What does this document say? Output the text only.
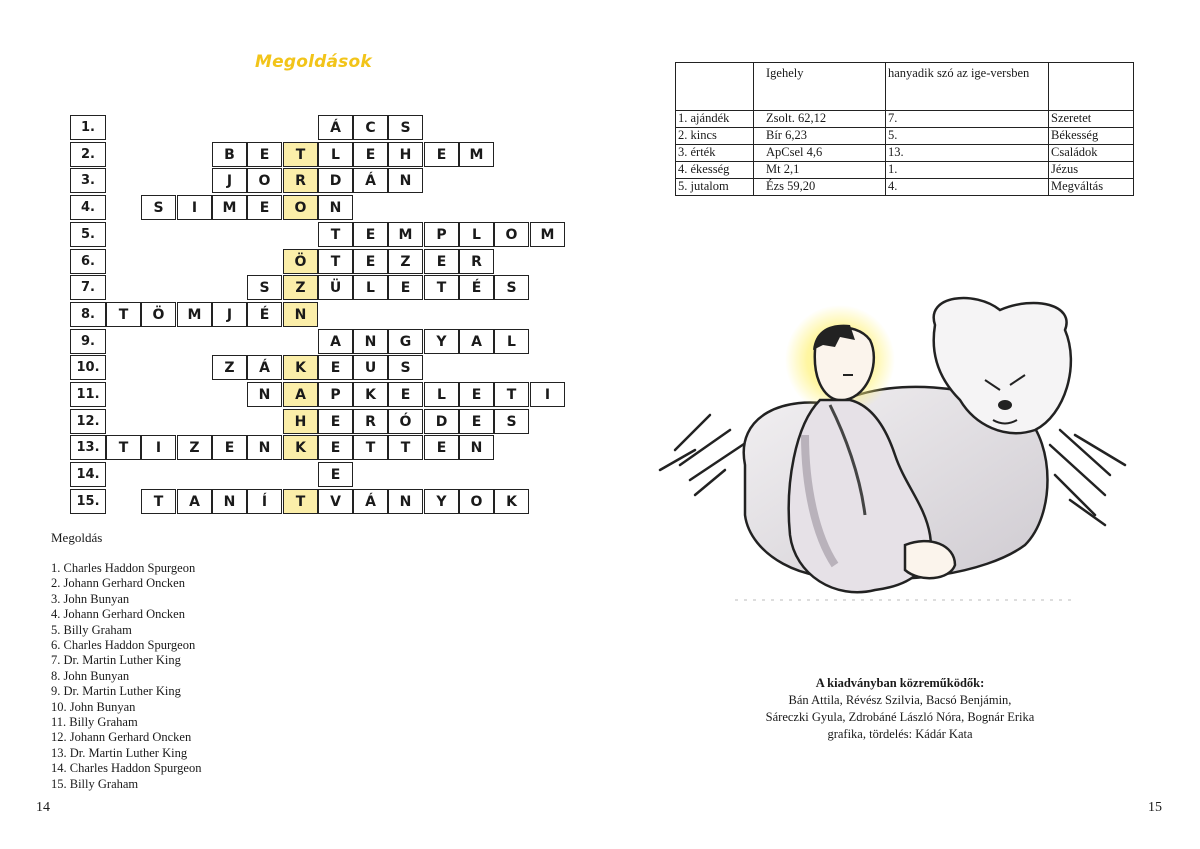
Megoldások
1.	Á	C	S
2.	B	E	T	L	E	H	E	M
3.	J	O	R	D	Á	N
4.	S	I	M	E	O	N
5.	T	E	M	P	L	O	M
6.	Ö	T	E	Z	E	R
7.	S	Z	Ü	L	E	T	É	S
8.	T	Ö	M	J	É	N
9.	A	N	G	Y	A	L
10.	Z	Á	K	E	U	S
11.	N	A	P	K	E	L	E	T	I
12.	H	E	R	Ó	D	E	S
13.	T	I	Z	E	N	K	E	T	T	E	N
14.	E
15.	T	A	N	Í	T	V	Á	N	Y	O	K
Megoldás
1. Charles Haddon Spurgeon
2. Johann Gerhard Oncken
3. John Bunyan
4. Johann Gerhard Oncken
5. Billy Graham
6. Charles Haddon Spurgeon
7. Dr. Martin Luther King
8. John Bunyan
9. Dr. Martin Luther King
10. John Bunyan
11. Billy Graham
12. Johann Gerhard Oncken
13. Dr. Martin Luther King
14. Charles Haddon Spurgeon
15. Billy Graham
14
	Igehely	hanyadik szó az ige-versben	
1. ajándék	Zsolt. 62,12	7.	Szeretet
2. kincs	Bír 6,23	5.	Békesség
3. érték	ApCsel 4,6	13.	Családok
4. ékesség	Mt 2,1	1.	Jézus
5. jutalom	Ézs 59,20	4.	Megváltás
A kiadványban közreműködők:
Bán Attila, Révész Szilvia, Bacsó Benjámin,
Sáreczki Gyula, Zdrobáné László Nóra, Bognár Erika
grafika, tördelés: Kádár Kata
15
